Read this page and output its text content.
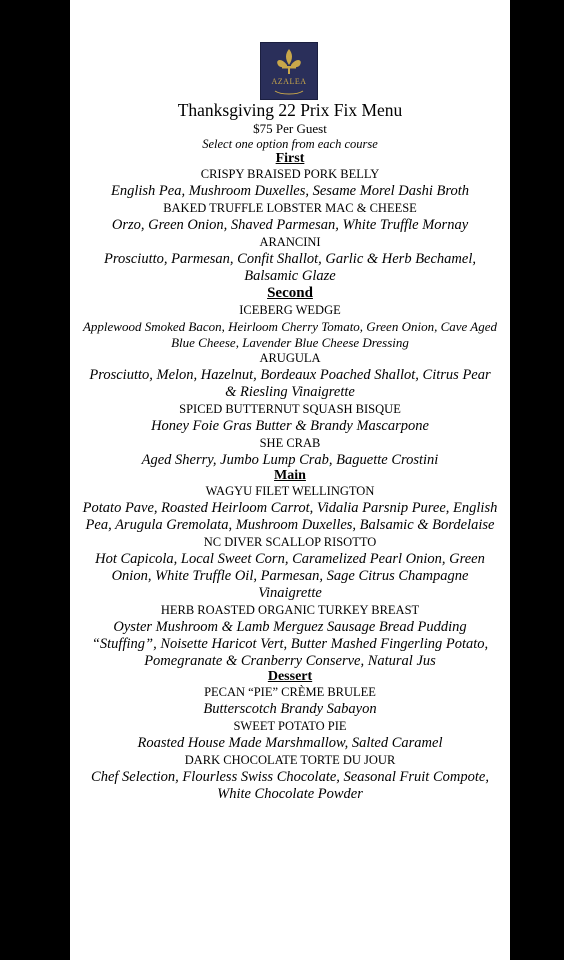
AZALEA
Thanksgiving 22 Prix Fix Menu
$75 Per Guest
Select one option from each course
First
CRISPY BRAISED PORK BELLY
English Pea, Mushroom Duxelles, Sesame Morel Dashi Broth
BAKED TRUFFLE LOBSTER MAC & CHEESE
Orzo, Green Onion, Shaved Parmesan, White Truffle Mornay
ARANCINI
Prosciutto, Parmesan, Confit Shallot, Garlic & Herb Bechamel, Balsamic Glaze
Second
ICEBERG WEDGE
Applewood Smoked Bacon, Heirloom Cherry Tomato, Green Onion, Cave Aged Blue Cheese, Lavender Blue Cheese Dressing
ARUGULA
Prosciutto, Melon, Hazelnut, Bordeaux Poached Shallot, Citrus Pear & Riesling Vinaigrette
SPICED BUTTERNUT SQUASH BISQUE
Honey Foie Gras Butter & Brandy Mascarpone
SHE CRAB
Aged Sherry, Jumbo Lump Crab, Baguette Crostini
Main
WAGYU FILET WELLINGTON
Potato Pave, Roasted Heirloom Carrot, Vidalia Parsnip Puree, English Pea, Arugula Gremolata, Mushroom Duxelles, Balsamic & Bordelaise
NC DIVER SCALLOP RISOTTO
Hot Capicola, Local Sweet Corn, Caramelized Pearl Onion, Green Onion, White Truffle Oil, Parmesan, Sage Citrus Champagne Vinaigrette
HERB ROASTED ORGANIC TURKEY BREAST
Oyster Mushroom & Lamb Merguez Sausage Bread Pudding “Stuffing”, Noisette Haricot Vert, Butter Mashed Fingerling Potato, Pomegranate & Cranberry Conserve, Natural Jus
Dessert
PECAN “PIE” CRÈME BRULEE
Butterscotch Brandy Sabayon
SWEET POTATO PIE
Roasted House Made Marshmallow, Salted Caramel
DARK CHOCOLATE TORTE DU JOUR
Chef Selection, Flourless Swiss Chocolate, Seasonal Fruit Compote, White Chocolate Powder
